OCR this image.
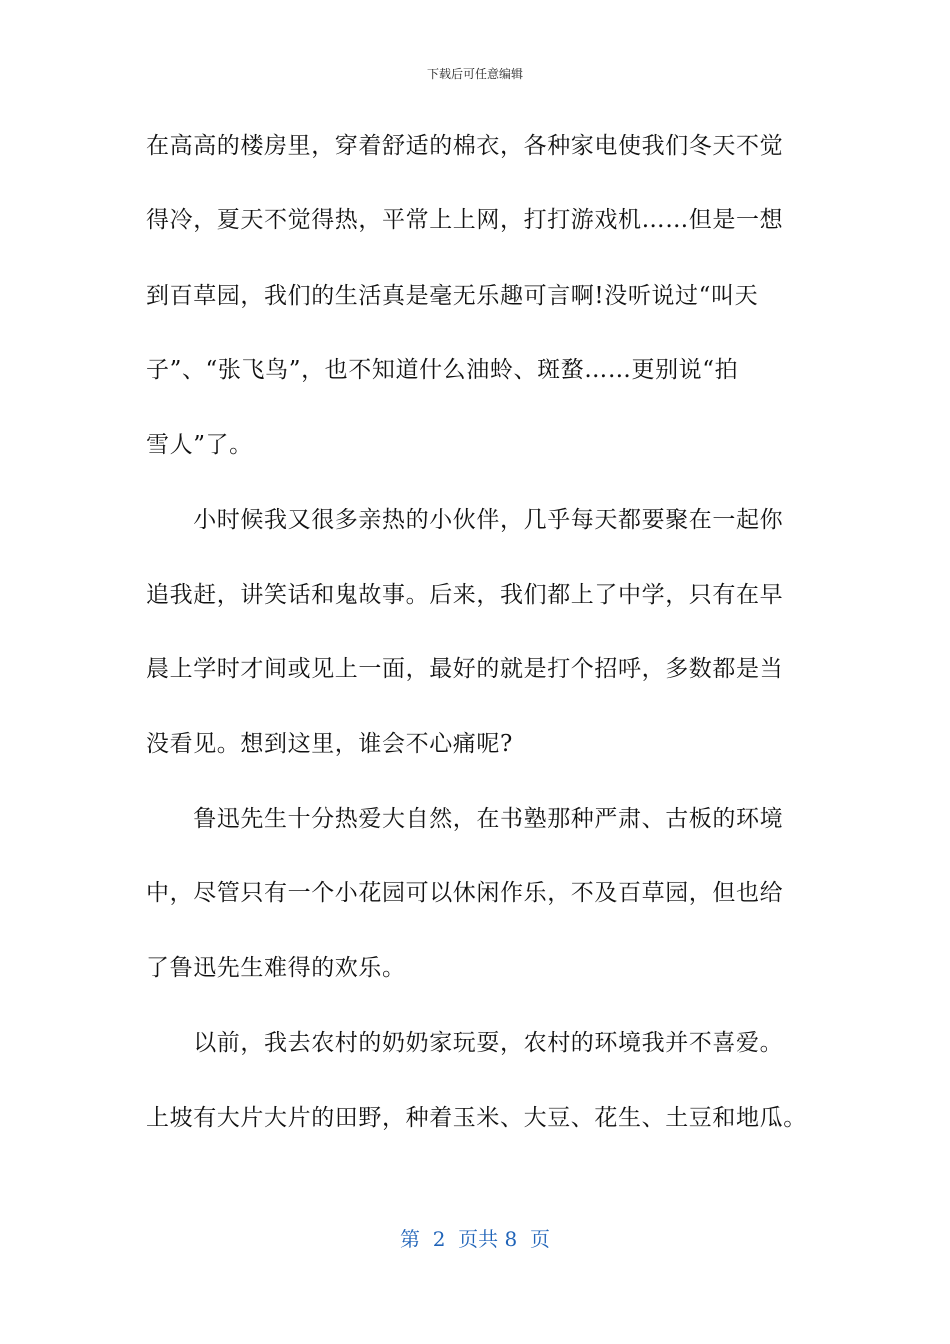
下载后可任意编辑
在高高的楼房里，穿着舒适的棉衣，各种家电使我们冬天不觉
得冷，夏天不觉得热，平常上上网，打打游戏机……但是一想
到百草园，我们的生活真是毫无乐趣可言啊!没听说过“叫天
子”、“张飞鸟”，也不知道什么油蛉、斑蝥……更别说“拍
雪人”了。
　　小时候我又很多亲热的小伙伴，几乎每天都要聚在一起你
追我赶，讲笑话和鬼故事。后来，我们都上了中学，只有在早
晨上学时才间或见上一面，最好的就是打个招呼，多数都是当
没看见。想到这里，谁会不心痛呢?
　　鲁迅先生十分热爱大自然，在书塾那种严肃、古板的环境
中，尽管只有一个小花园可以休闲作乐，不及百草园，但也给
了鲁迅先生难得的欢乐。
　　以前，我去农村的奶奶家玩耍，农村的环境我并不喜爱。
上坡有大片大片的田野，种着玉米、大豆、花生、土豆和地瓜。
第  2  页共 8  页
